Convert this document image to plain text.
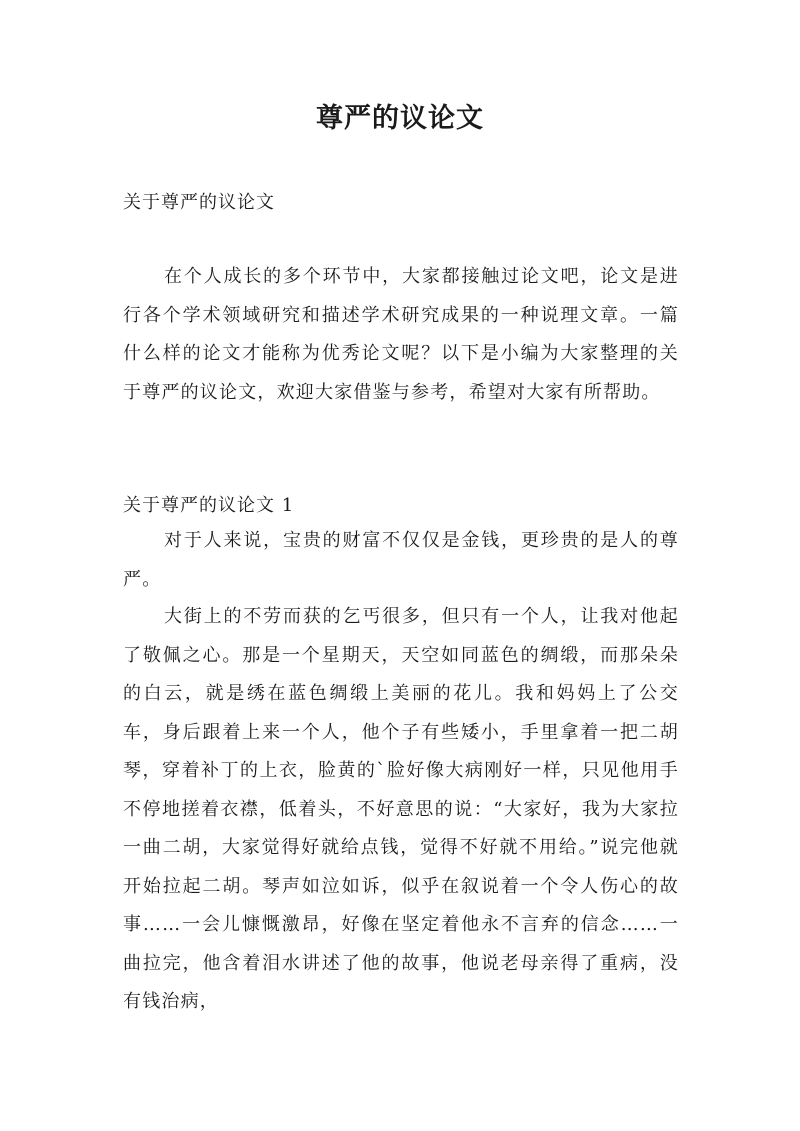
尊严的议论文
关于尊严的议论文

在个人成长的多个环节中，大家都接触过论文吧，论文是进行各个学术领域研究和描述学术研究成果的一种说理文章。一篇什么样的论文才能称为优秀论文呢？以下是小编为大家整理的关于尊严的议论文，欢迎大家借鉴与参考，希望对大家有所帮助。

关于尊严的议论文 1

对于人来说，宝贵的财富不仅仅是金钱，更珍贵的是人的尊严。

大街上的不劳而获的乞丐很多，但只有一个人，让我对他起了敬佩之心。那是一个星期天，天空如同蓝色的绸缎，而那朵朵的白云，就是绣在蓝色绸缎上美丽的花儿。我和妈妈上了公交车，身后跟着上来一个人，他个子有些矮小，手里拿着一把二胡琴，穿着补丁的上衣，脸黄的`脸好像大病刚好一样，只见他用手不停地搓着衣襟，低着头，不好意思的说：“大家好，我为大家拉一曲二胡，大家觉得好就给点钱，觉得不好就不用给。”说完他就开始拉起二胡。琴声如泣如诉，似乎在叙说着一个令人伤心的故事……一会儿慷慨激昂，好像在坚定着他永不言弃的信念……一曲拉完，他含着泪水讲述了他的故事，他说老母亲得了重病，没有钱治病，
